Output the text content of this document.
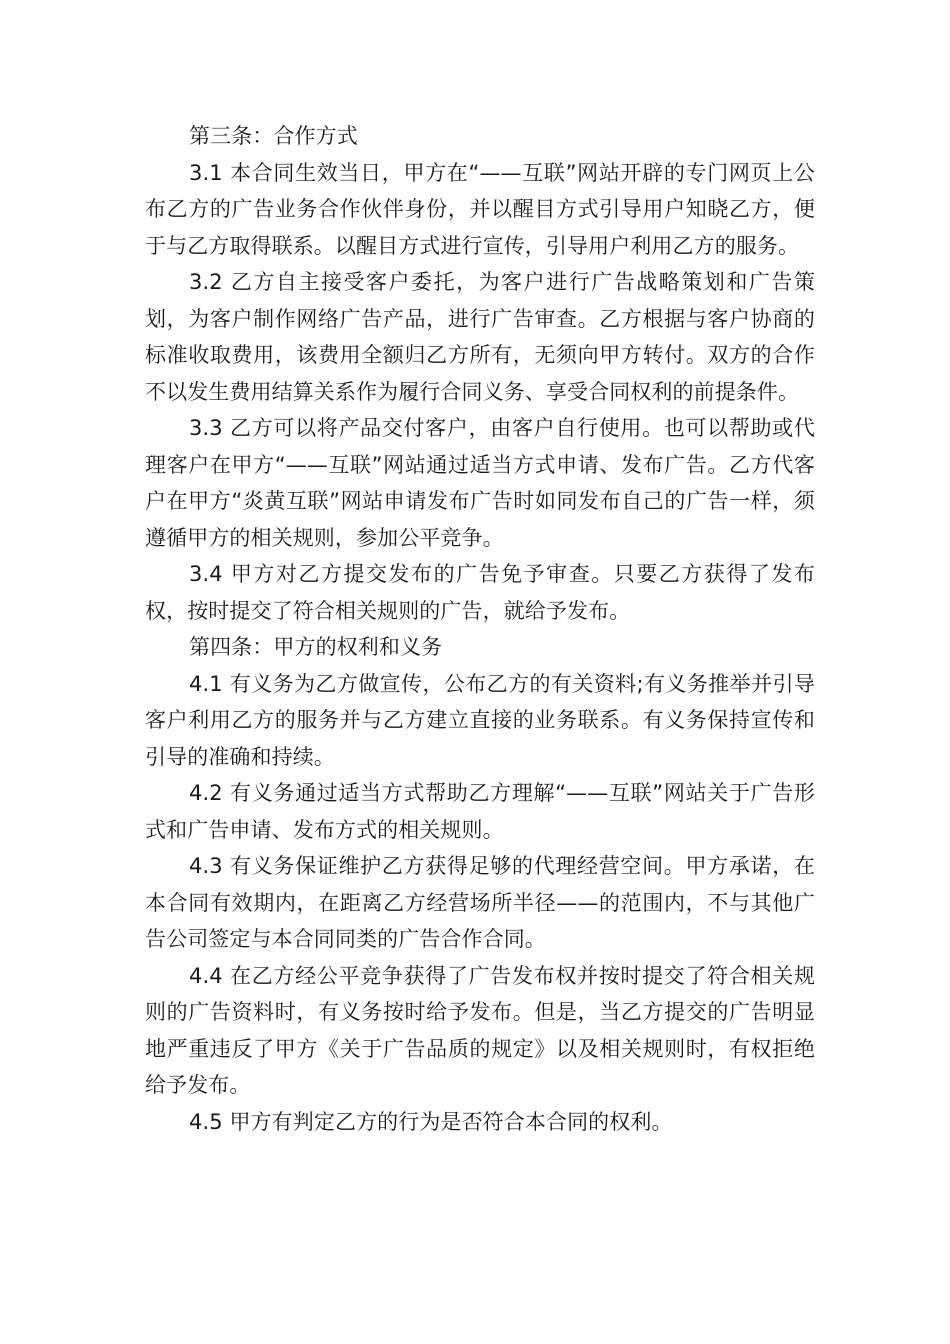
第三条：合作方式

3.1 本合同生效当日，甲方在“——互联”网站开辟的专门网页上公布乙方的广告业务合作伙伴身份，并以醒目方式引导用户知晓乙方，便于与乙方取得联系。以醒目方式进行宣传，引导用户利用乙方的服务。

3.2 乙方自主接受客户委托，为客户进行广告战略策划和广告策划，为客户制作网络广告产品，进行广告审查。乙方根据与客户协商的标准收取费用，该费用全额归乙方所有，无须向甲方转付。双方的合作不以发生费用结算关系作为履行合同义务、享受合同权利的前提条件。

3.3 乙方可以将产品交付客户，由客户自行使用。也可以帮助或代理客户在甲方“——互联”网站通过适当方式申请、发布广告。乙方代客户在甲方“炎黄互联”网站申请发布广告时如同发布自己的广告一样，须遵循甲方的相关规则，参加公平竞争。

3.4 甲方对乙方提交发布的广告免予审查。只要乙方获得了发布权，按时提交了符合相关规则的广告，就给予发布。

第四条：甲方的权利和义务

4.1 有义务为乙方做宣传，公布乙方的有关资料;有义务推举并引导客户利用乙方的服务并与乙方建立直接的业务联系。有义务保持宣传和引导的准确和持续。

4.2 有义务通过适当方式帮助乙方理解“——互联”网站关于广告形式和广告申请、发布方式的相关规则。

4.3 有义务保证维护乙方获得足够的代理经营空间。甲方承诺，在本合同有效期内，在距离乙方经营场所半径——的范围内，不与其他广告公司签定与本合同同类的广告合作合同。

4.4 在乙方经公平竞争获得了广告发布权并按时提交了符合相关规则的广告资料时，有义务按时给予发布。但是，当乙方提交的广告明显地严重违反了甲方《关于广告品质的规定》以及相关规则时，有权拒绝给予发布。

4.5 甲方有判定乙方的行为是否符合本合同的权利。
